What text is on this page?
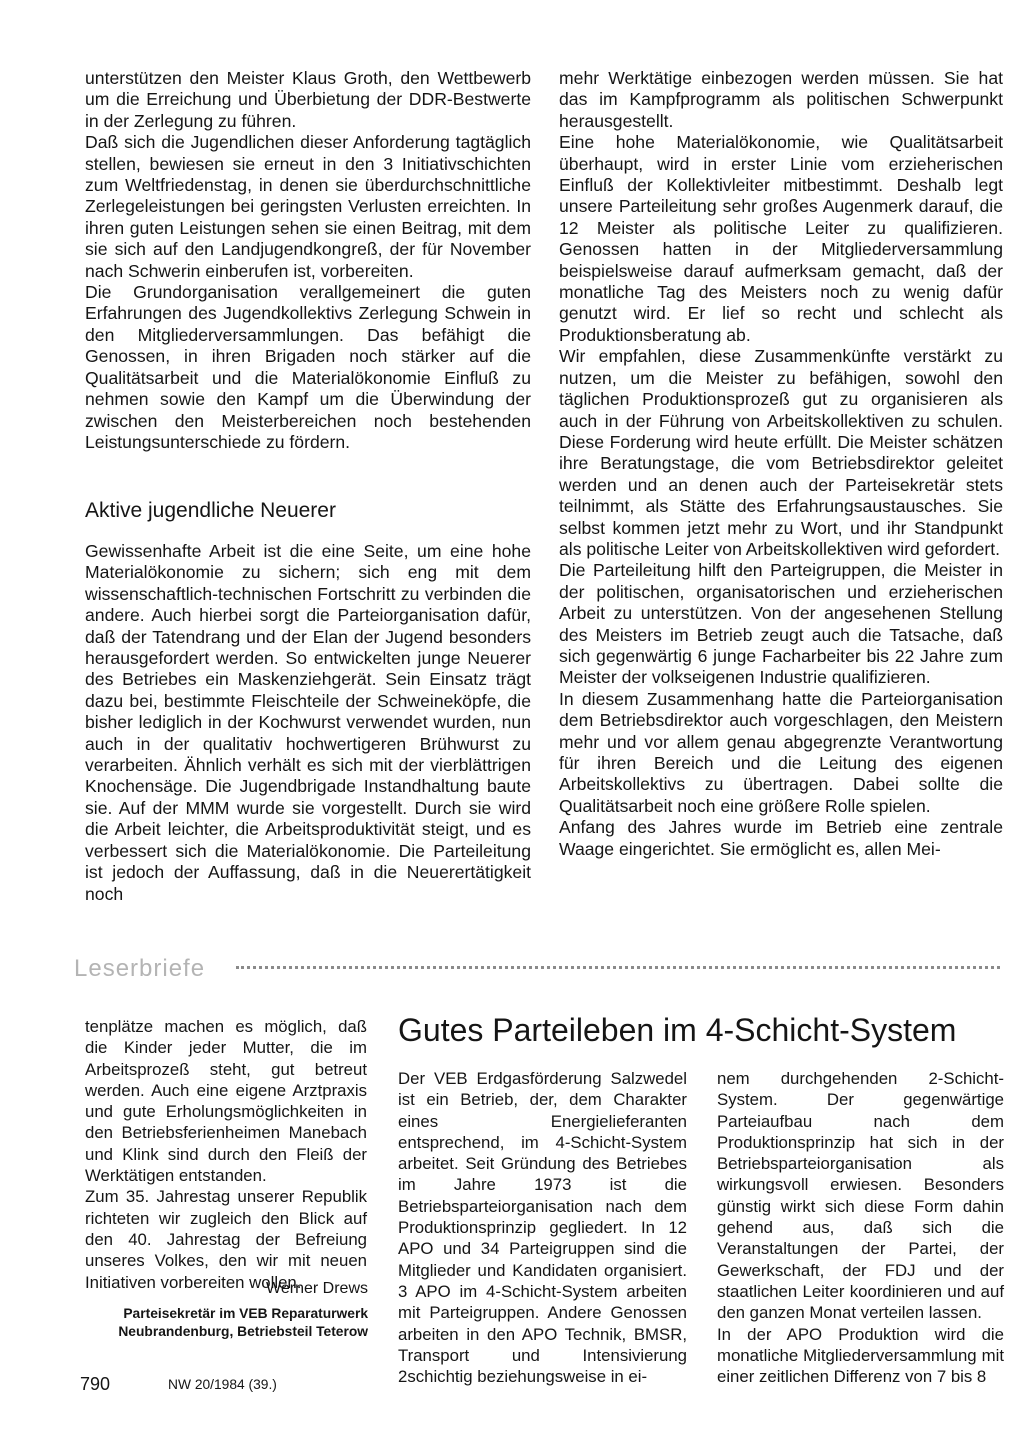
unterstützen den Meister Klaus Groth, den Wettbewerb um die Erreichung und Überbietung der DDR-Bestwerte in der Zerlegung zu führen.

Daß sich die Jugendlichen dieser Anforderung tagtäglich stellen, bewiesen sie erneut in den 3 Initiativschichten zum Weltfriedenstag, in denen sie überdurchschnittliche Zerlegeleistungen bei geringsten Verlusten erreichten. In ihren guten Leistungen sehen sie einen Beitrag, mit dem sie sich auf den Landjugendkongreß, der für November nach Schwerin einberufen ist, vorbereiten.

Die Grundorganisation verallgemeinert die guten Erfahrungen des Jugendkollektivs Zerlegung Schwein in den Mitgliederversammlungen. Das befähigt die Genossen, in ihren Brigaden noch stärker auf die Qualitätsarbeit und die Materialökonomie Einfluß zu nehmen sowie den Kampf um die Überwindung der zwischen den Meisterbereichen noch bestehenden Leistungsunterschiede zu fördern.

Aktive jugendliche Neuerer

Gewissenhafte Arbeit ist die eine Seite, um eine hohe Materialökonomie zu sichern; sich eng mit dem wissenschaftlich-technischen Fortschritt zu verbinden die andere. Auch hierbei sorgt die Parteiorganisation dafür, daß der Tatendrang und der Elan der Jugend besonders herausgefordert werden. So entwickelten junge Neuerer des Betriebes ein Maskenziehgerät. Sein Einsatz trägt dazu bei, bestimmte Fleischteile der Schweineköpfe, die bisher lediglich in der Kochwurst verwendet wurden, nun auch in der qualitativ hochwertigeren Brühwurst zu verarbeiten. Ähnlich verhält es sich mit der vierblättrigen Knochensäge. Die Jugendbrigade Instandhaltung baute sie. Auf der MMM wurde sie vorgestellt. Durch sie wird die Arbeit leichter, die Arbeitsproduktivität steigt, und es verbessert sich die Materialökonomie. Die Parteileitung ist jedoch der Auffassung, daß in die Neuerertätigkeit noch

mehr Werktätige einbezogen werden müssen. Sie hat das im Kampfprogramm als politischen Schwerpunkt herausgestellt.

Eine hohe Materialökonomie, wie Qualitätsarbeit überhaupt, wird in erster Linie vom erzieherischen Einfluß der Kollektivleiter mitbestimmt. Deshalb legt unsere Parteileitung sehr großes Augenmerk darauf, die 12 Meister als politische Leiter zu qualifizieren. Genossen hatten in der Mitgliederversammlung beispielsweise darauf aufmerksam gemacht, daß der monatliche Tag des Meisters noch zu wenig dafür genutzt wird. Er lief so recht und schlecht als Produktionsberatung ab.

Wir empfahlen, diese Zusammenkünfte verstärkt zu nutzen, um die Meister zu befähigen, sowohl den täglichen Produktionsprozeß gut zu organisieren als auch in der Führung von Arbeitskollektiven zu schulen. Diese Forderung wird heute erfüllt. Die Meister schätzen ihre Beratungstage, die vom Betriebsdirektor geleitet werden und an denen auch der Parteisekretär stets teilnimmt, als Stätte des Erfahrungsaustausches. Sie selbst kommen jetzt mehr zu Wort, und ihr Standpunkt als politische Leiter von Arbeitskollektiven wird gefordert.

Die Parteileitung hilft den Parteigruppen, die Meister in der politischen, organisatorischen und erzieherischen Arbeit zu unterstützen. Von der angesehenen Stellung des Meisters im Betrieb zeugt auch die Tatsache, daß sich gegenwärtig 6 junge Facharbeiter bis 22 Jahre zum Meister der volkseigenen Industrie qualifizieren.

In diesem Zusammenhang hatte die Parteiorganisation dem Betriebsdirektor auch vorgeschlagen, den Meistern mehr und vor allem genau abgegrenzte Verantwortung für ihren Bereich und die Leitung des eigenen Arbeitskollektivs zu übertragen. Dabei sollte die Qualitätsarbeit noch eine größere Rolle spielen.

Anfang des Jahres wurde im Betrieb eine zentrale Waage eingerichtet. Sie ermöglicht es, allen Mei-

Leserbriefe

tenplätze machen es möglich, daß die Kinder jeder Mutter, die im Arbeitsprozeß steht, gut betreut werden. Auch eine eigene Arztpraxis und gute Erholungsmöglichkeiten in den Betriebsferienheimen Manebach und Klink sind durch den Fleiß der Werktätigen entstanden.

Zum 35. Jahrestag unserer Republik richteten wir zugleich den Blick auf den 40. Jahrestag der Befreiung unseres Volkes, den wir mit neuen Initiativen vorbereiten wollen.

Werner Drews
Parteisekretär im VEB Reparaturwerk
Neubrandenburg, Betriebsteil Teterow
Gutes Parteileben im 4-Schicht-System

Der VEB Erdgasförderung Salzwedel ist ein Betrieb, der, dem Charakter eines Energielieferanten entsprechend, im 4-Schicht-System arbeitet. Seit Gründung des Betriebes im Jahre 1973 ist die Betriebsparteiorganisation nach dem Produktionsprinzip gegliedert. In 12 APO und 34 Parteigruppen sind die Mitglieder und Kandidaten organisiert. 3 APO im 4-Schicht-System arbeiten mit Parteigruppen. Andere Genossen arbeiten in den APO Technik, BMSR, Transport und Intensivierung 2schichtig beziehungsweise in ei-

nem durchgehenden 2-Schicht-System. Der gegenwärtige Parteiaufbau nach dem Produktionsprinzip hat sich in der Betriebsparteiorganisation als wirkungsvoll erwiesen. Besonders günstig wirkt sich diese Form dahin gehend aus, daß sich die Veranstaltungen der Partei, der Gewerkschaft, der FDJ und der staatlichen Leiter koordinieren und auf den ganzen Monat verteilen lassen.

In der APO Produktion wird die monatliche Mitgliederversammlung mit einer zeitlichen Differenz von 7 bis 8

790	NW 20/1984 (39.)
